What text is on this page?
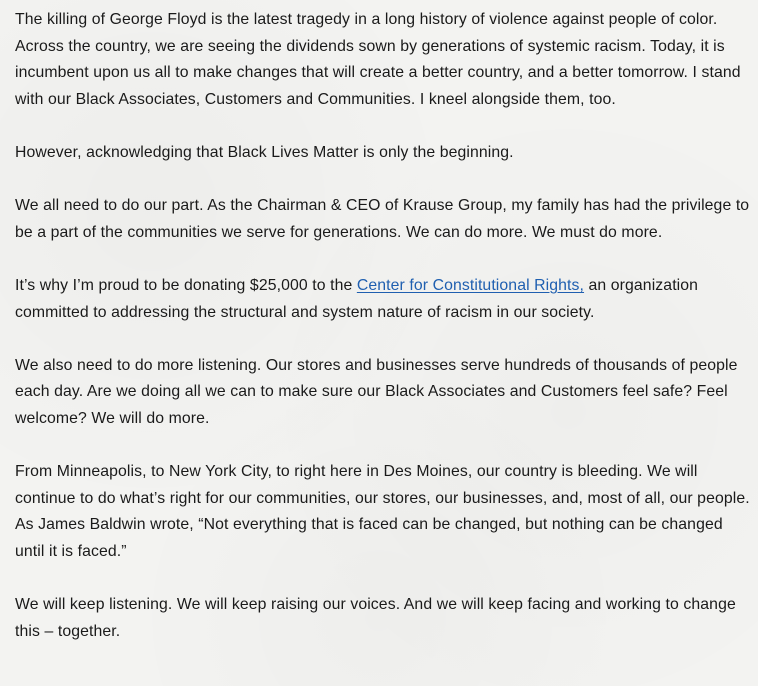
The killing of George Floyd is the latest tragedy in a long history of violence against people of color. Across the country, we are seeing the dividends sown by generations of systemic racism. Today, it is incumbent upon us all to make changes that will create a better country, and a better tomorrow. I stand with our Black Associates, Customers and Communities. I kneel alongside them, too.

However, acknowledging that Black Lives Matter is only the beginning.

We all need to do our part. As the Chairman & CEO of Krause Group, my family has had the privilege to be a part of the communities we serve for generations. We can do more. We must do more.

It’s why I’m proud to be donating $25,000 to the Center for Constitutional Rights, an organization committed to addressing the structural and system nature of racism in our society.

We also need to do more listening. Our stores and businesses serve hundreds of thousands of people each day. Are we doing all we can to make sure our Black Associates and Customers feel safe? Feel welcome? We will do more.

From Minneapolis, to New York City, to right here in Des Moines, our country is bleeding. We will continue to do what’s right for our communities, our stores, our businesses, and, most of all, our people. As James Baldwin wrote, “Not everything that is faced can be changed, but nothing can be changed until it is faced.”

We will keep listening. We will keep raising our voices. And we will keep facing and working to change this – together.
